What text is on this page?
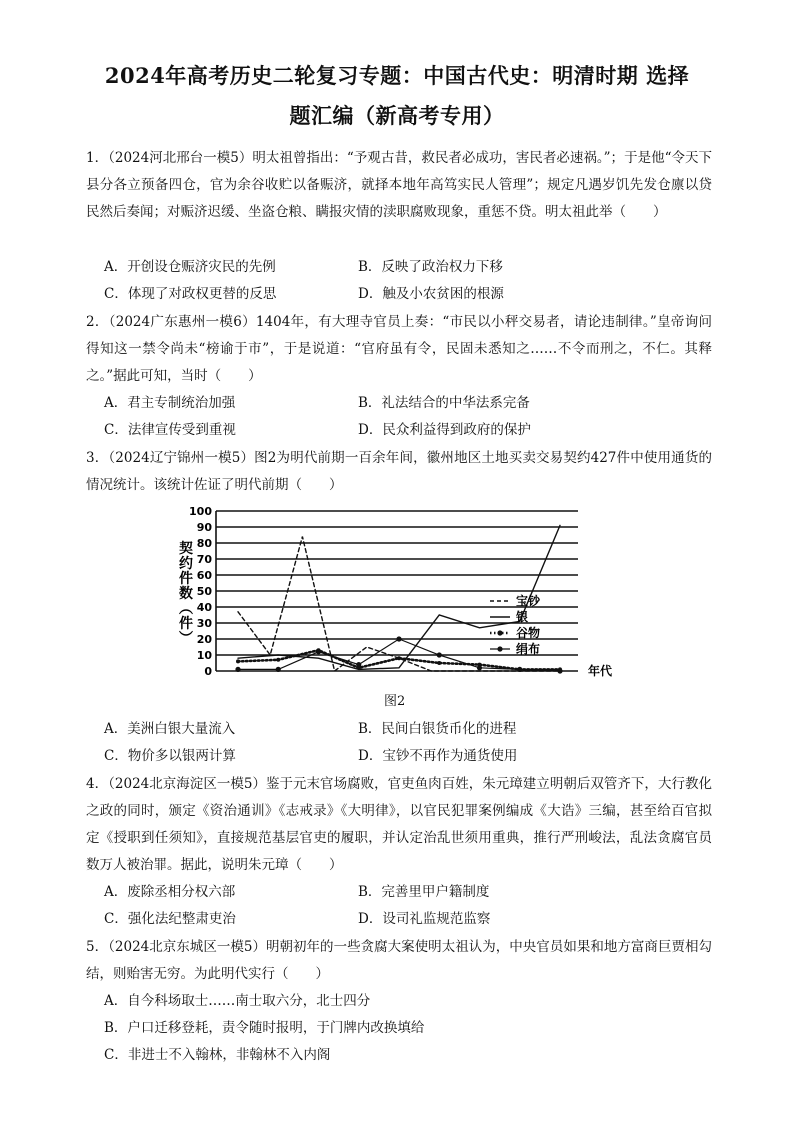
2024年高考历史二轮复习专题：中国古代史：明清时期 选择
题汇编（新高考专用）
1．（2024河北邢台一模5）明太祖曾指出：“予观古昔，救民者必成功，害民者必速祸。”；于是他“令天下县分各立预备四仓，官为余谷收贮以备赈济，就择本地年高笃实民人管理”；规定凡遇岁饥先发仓廪以贷民然后奏闻；对赈济迟缓、坐盗仓粮、瞒报灾情的渎职腐败现象，重惩不贷。明太祖此举（　　）
A．开创设仓赈济灾民的先例	B．反映了政治权力下移
C．体现了对政权更替的反思	D．触及小农贫困的根源
2．（2024广东惠州一模6）1404年，有大理寺官员上奏：“市民以小秤交易者，请论违制律。”皇帝询问得知这一禁令尚未“榜谕于市”，于是说道：“官府虽有令，民固未悉知之……不令而刑之，不仁。其释之。”据此可知，当时（　　）
A．君主专制统治加强	B．礼法结合的中华法系完备
C．法律宣传受到重视	D．民众利益得到政府的保护
3．（2024辽宁锦州一模5）图2为明代前期一百余年间，徽州地区土地买卖交易契约427件中使用通货的情况统计。该统计佐证了明代前期（　　）
0
10
20
30
40
50
60
70
80
90
100
契
约
件
数
︵
件
︶
年代
宝钞
银
谷物
绢布
图2
A．美洲白银大量流入	B．民间白银货币化的进程
C．物价多以银两计算	D．宝钞不再作为通货使用
4．（2024北京海淀区一模5）鉴于元末官场腐败，官吏鱼肉百姓，朱元璋建立明朝后双管齐下，大行教化之政的同时，颁定《资治通训》《志戒录》《大明律》，以官民犯罪案例编成《大诰》三编，甚至给百官拟定《授职到任须知》，直接规范基层官吏的履职，并认定治乱世须用重典，推行严刑峻法，乱法贪腐官员数万人被治罪。据此，说明朱元璋（　　）
A．废除丞相分权六部	B．完善里甲户籍制度
C．强化法纪整肃吏治	D．设司礼监规范监察
5．（2024北京东城区一模5）明朝初年的一些贪腐大案使明太祖认为，中央官员如果和地方富商巨贾相勾结，则贻害无穷。为此明代实行（　　）
A．自今科场取士……南士取六分，北士四分
B．户口迁移登耗，责令随时报明，于门牌内改换填给
C．非进士不入翰林，非翰林不入内阁
